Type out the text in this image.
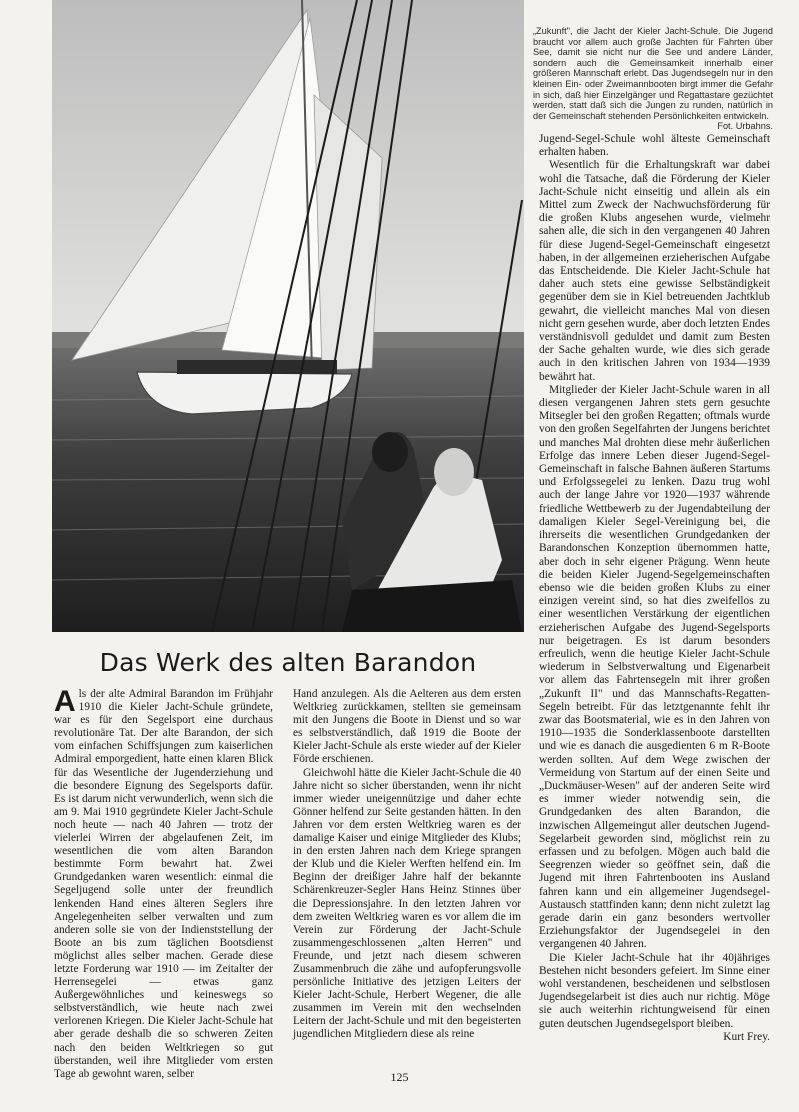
„Zukunft", die Jacht der Kieler Jacht-Schule. Die Jugend braucht vor allem auch große Jachten für Fahrten über See, damit sie nicht nur die See und andere Länder, sondern auch die Gemeinsamkeit innerhalb einer größeren Mannschaft erlebt. Das Jugendsegeln nur in den kleinen Ein- oder Zweimannbooten birgt immer die Gefahr in sich, daß hier Einzelgänger und Regattastare gezüchtet werden, statt daß sich die Jungen zu runden, natürlich in der Gemeinschaft stehenden Persönlichkeiten entwickeln.
Fot. Urbahns.

Jugend-Segel-Schule wohl älteste Gemeinschaft erhalten haben.

Wesentlich für die Erhaltungskraft war dabei wohl die Tatsache, daß die Förderung der Kieler Jacht-Schule nicht einseitig und allein als ein Mittel zum Zweck der Nachwuchsförderung für die großen Klubs angesehen wurde, vielmehr sahen alle, die sich in den vergangenen 40 Jahren für diese Jugend-Segel-Gemeinschaft eingesetzt haben, in der allgemeinen erzieherischen Aufgabe das Entscheidende. Die Kieler Jacht-Schule hat daher auch stets eine gewisse Selbständigkeit gegenüber dem sie in Kiel betreuenden Jachtklub gewahrt, die vielleicht manches Mal von diesen nicht gern gesehen wurde, aber doch letzten Endes verständnisvoll geduldet und damit zum Besten der Sache gehalten wurde, wie dies sich gerade auch in den kritischen Jahren von 1934—1939 bewährt hat.

Mitglieder der Kieler Jacht-Schule waren in all diesen vergangenen Jahren stets gern gesuchte Mitsegler bei den großen Regatten; oftmals wurde von den großen Segelfahrten der Jungens berichtet und manches Mal drohten diese mehr äußerlichen Erfolge das innere Leben dieser Jugend-Segel-Gemeinschaft in falsche Bahnen äußeren Startums und Erfolgssegelei zu lenken. Dazu trug wohl auch der lange Jahre vor 1920—1937 währende friedliche Wettbewerb zu der Jugendabteilung der damaligen Kieler Segel-Vereinigung bei, die ihrerseits die wesentlichen Grundgedanken der Barandonschen Konzeption übernommen hatte, aber doch in sehr eigener Prägung. Wenn heute die beiden Kieler Jugend-Segelgemeinschaften ebenso wie die beiden großen Klubs zu einer einzigen vereint sind, so hat dies zweifellos zu einer wesentlichen Verstärkung der eigentlichen erzieherischen Aufgabe des Jugend-Segelsports nur beigetragen. Es ist darum besonders erfreulich, wenn die heutige Kieler Jacht-Schule wiederum in Selbstverwaltung und Eigenarbeit vor allem das Fahrtensegeln mit ihrer großen „Zukunft II" und das Mannschafts-Regatten-Segeln betreibt. Für das letztgenannte fehlt ihr zwar das Bootsmaterial, wie es in den Jahren von 1910—1935 die Sonderklassenboote darstellten und wie es danach die ausgedienten 6 m R-Boote werden sollten. Auf dem Wege zwischen der Vermeidung von Startum auf der einen Seite und „Duckmäuser-Wesen" auf der anderen Seite wird es immer wieder notwendig sein, die Grundgedanken des alten Barandon, die inzwischen Allgemeingut aller deutschen Jugend-Segelarbeit geworden sind, möglichst rein zu erfassen und zu befolgen. Mögen auch bald die Seegrenzen wieder so geöffnet sein, daß die Jugend mit ihren Fahrtenbooten ins Ausland fahren kann und ein allgemeiner Jugendsegel-Austausch stattfinden kann; denn nicht zuletzt lag gerade darin ein ganz besonders wertvoller Erziehungsfaktor der Jugendsegelei in den vergangenen 40 Jahren.

Die Kieler Jacht-Schule hat ihr 40jähriges Bestehen nicht besonders gefeiert. Im Sinne einer wohl verstandenen, bescheidenen und selbstlosen Jugendsegelarbeit ist dies auch nur richtig. Möge sie auch weiterhin richtungweisend für einen guten deutschen Jugendsegelsport bleiben.

Kurt Frey.

Das Werk des alten Barandon

Als der alte Admiral Barandon im Frühjahr 1910 die Kieler Jacht-Schule gründete, war es für den Segelsport eine durchaus revolutionäre Tat. Der alte Barandon, der sich vom einfachen Schiffsjungen zum kaiserlichen Admiral emporgedient, hatte einen klaren Blick für das Wesentliche der Jugenderziehung und die besondere Eignung des Segelsports dafür. Es ist darum nicht verwunderlich, wenn sich die am 9. Mai 1910 gegründete Kieler Jacht-Schule noch heute — nach 40 Jahren — trotz der vielerlei Wirren der abgelaufenen Zeit, im wesentlichen die vom alten Barandon bestimmte Form bewahrt hat. Zwei Grundgedanken waren wesentlich: einmal die Segeljugend solle unter der freundlich lenkenden Hand eines älteren Seglers ihre Angelegenheiten selber verwalten und zum anderen solle sie von der Indienststellung der Boote an bis zum täglichen Bootsdienst möglichst alles selber machen. Gerade diese letzte Forderung war 1910 — im Zeitalter der Herrensegelei — etwas ganz Außergewöhnliches und keineswegs so selbstverständlich, wie heute nach zwei verlorenen Kriegen. Die Kieler Jacht-Schule hat aber gerade deshalb die so schweren Zeiten nach den beiden Weltkriegen so gut überstanden, weil ihre Mitglieder vom ersten Tage ab gewohnt waren, selber

Hand anzulegen. Als die Aelteren aus dem ersten Weltkrieg zurückkamen, stellten sie gemeinsam mit den Jungens die Boote in Dienst und so war es selbstverständlich, daß 1919 die Boote der Kieler Jacht-Schule als erste wieder auf der Kieler Förde erschienen.

Gleichwohl hätte die Kieler Jacht-Schule die 40 Jahre nicht so sicher überstanden, wenn ihr nicht immer wieder uneigennützige und daher echte Gönner helfend zur Seite gestanden hätten. In den Jahren vor dem ersten Weltkrieg waren es der damalige Kaiser und einige Mitglieder des Klubs; in den ersten Jahren nach dem Kriege sprangen der Klub und die Kieler Werften helfend ein. Im Beginn der dreißiger Jahre half der bekannte Schärenkreuzer-Segler Hans Heinz Stinnes über die Depressionsjahre. In den letzten Jahren vor dem zweiten Weltkrieg waren es vor allem die im Verein zur Förderung der Jacht-Schule zusammengeschlossenen „alten Herren" und Freunde, und jetzt nach diesem schweren Zusammenbruch die zähe und aufopferungsvolle persönliche Initiative des jetzigen Leiters der Kieler Jacht-Schule, Herbert Wegener, die alle zusammen im Verein mit den wechselnden Leitern der Jacht-Schule und mit den begeisterten jugendlichen Mitgliedern diese als reine

125
